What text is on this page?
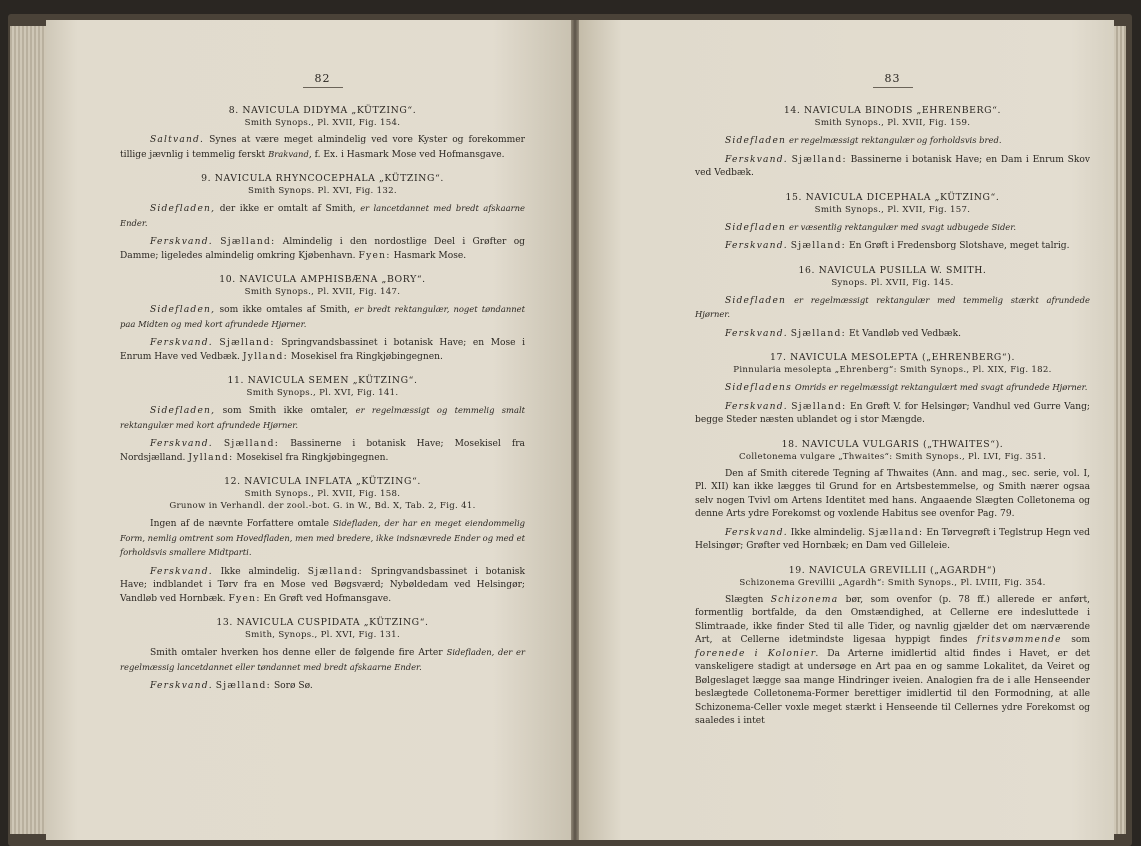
82
8. NAVICULA DIDYMA „KÜTZING“.
Smith Synops., Pl. XVII, Fig. 154.
Saltvand. Synes at være meget almindelig ved vore Kyster og forekommer tillige jævnlig i temmelig ferskt Brakvand, f. Ex. i Hasmark Mose ved Hofmansgave.
9. NAVICULA RHYNCOCEPHALA „KÜTZING“.
Smith Synops. Pl. XVI, Fig. 132.
Sidefladen, der ikke er omtalt af Smith, er lancetdannet med bredt afskaarne Ender.
Ferskvand. Sjælland: Almindelig i den nordostlige Deel i Grøfter og Damme; ligeledes almindelig omkring Kjøbenhavn. Fyen: Hasmark Mose.
10. NAVICULA AMPHISBÆNA „BORY“.
Smith Synops., Pl. XVII, Fig. 147.
Sidefladen, som ikke omtales af Smith, er bredt rektangulær, noget tøndannet paa Midten og med kort afrundede Hjørner.
Ferskvand. Sjælland: Springvandsbassinet i botanisk Have; en Mose i Enrum Have ved Vedbæk. Jylland: Mosekisel fra Ringkjøbingegnen.
11. NAVICULA SEMEN „KÜTZING“.
Smith Synops., Pl. XVI, Fig. 141.
Sidefladen, som Smith ikke omtaler, er regelmæssigt og temmelig smalt rektangulær med kort afrundede Hjørner.
Ferskvand. Sjælland: Bassinerne i botanisk Have; Mosekisel fra Nordsjælland. Jylland: Mosekisel fra Ringkjøbingegnen.
12. NAVICULA INFLATA „KÜTZING“.
Smith Synops., Pl. XVII, Fig. 158.
Grunow in Verhandl. der zool.-bot. G. in W., Bd. X, Tab. 2, Fig. 41.
Ingen af de nævnte Forfattere omtale Sidefladen, der har en meget eiendommelig Form, nemlig omtrent som Hovedfladen, men med bredere, ikke indsnævrede Ender og med et forholdsvis smallere Midtparti.
Ferskvand. Ikke almindelig. Sjælland: Springvandsbassinet i botanisk Have; indblandet i Tørv fra en Mose ved Bøgsværd; Nybøldedam ved Helsingør; Vandløb ved Hornbæk. Fyen: En Grøft ved Hofmansgave.
13. NAVICULA CUSPIDATA „KÜTZING“.
Smith, Synops., Pl. XVI, Fig. 131.
Smith omtaler hverken hos denne eller de følgende fire Arter Sidefladen, der er regelmæssig lancetdannet eller tøndannet med bredt afskaarne Ender.
Ferskvand. Sjælland: Sorø Sø.
83
14. NAVICULA BINODIS „EHRENBERG“.
Smith Synops., Pl. XVII, Fig. 159.
Sidefladen er regelmæssigt rektangulær og forholdsvis bred.
Ferskvand. Sjælland: Bassinerne i botanisk Have; en Dam i Enrum Skov ved Vedbæk.
15. NAVICULA DICEPHALA „KÜTZING“.
Smith Synops., Pl. XVII, Fig. 157.
Sidefladen er væsentlig rektangulær med svagt udbugede Sider.
Ferskvand. Sjælland: En Grøft i Fredensborg Slotshave, meget talrig.
16. NAVICULA PUSILLA W. SMITH.
Synops. Pl. XVII, Fig. 145.
Sidefladen er regelmæssigt rektangulær med temmelig stærkt afrundede Hjørner.
Ferskvand. Sjælland: Et Vandløb ved Vedbæk.
17. NAVICULA MESOLEPTA („EHRENBERG“).
Pinnularia mesolepta „Ehrenberg“: Smith Synops., Pl. XIX, Fig. 182.
Sidefladens Omrids er regelmæssigt rektangulært med svagt afrundede Hjørner.
Ferskvand. Sjælland: En Grøft V. for Helsingør; Vandhul ved Gurre Vang; begge Steder næsten ublandet og i stor Mængde.
18. NAVICULA VULGARIS („THWAITES“).
Colletonema vulgare „Thwaites“: Smith Synops., Pl. LVI, Fig. 351.
Den af Smith citerede Tegning af Thwaites (Ann. and mag., sec. serie, vol. I, Pl. XII) kan ikke lægges til Grund for en Artsbestemmelse, og Smith nærer ogsaa selv nogen Tvivl om Artens Identitet med hans. Angaaende Slægten Colletonema og denne Arts ydre Forekomst og voxlende Habitus see ovenfor Pag. 79.
Ferskvand. Ikke almindelig. Sjælland: En Tørvegrøft i Teglstrup Hegn ved Helsingør; Grøfter ved Hornbæk; en Dam ved Gilleleie.
19. NAVICULA GREVILLII („AGARDH“)
Schizonema Grevillii „Agardh“: Smith Synops., Pl. LVIII, Fig. 354.
Slægten Schizonema bør, som ovenfor (p. 78 ff.) allerede er anført, formentlig bortfalde, da den Omstændighed, at Cellerne ere indesluttede i Slimtraade, ikke finder Sted til alle Tider, og navnlig gjælder det om nærværende Art, at Cellerne idetmindste ligesaa hyppigt findes fritsvømmende som forenede i Kolonier. Da Arterne imidlertid altid findes i Havet, er det vanskeligere stadigt at undersøge en Art paa en og samme Lokalitet, da Veiret og Bølgeslaget lægge saa mange Hindringer iveien. Analogien fra de i alle Henseender beslægtede Colletonema-Former berettiger imidlertid til den Formodning, at alle Schizonema-Celler voxle meget stærkt i Henseende til Cellernes ydre Forekomst og saaledes i intet
